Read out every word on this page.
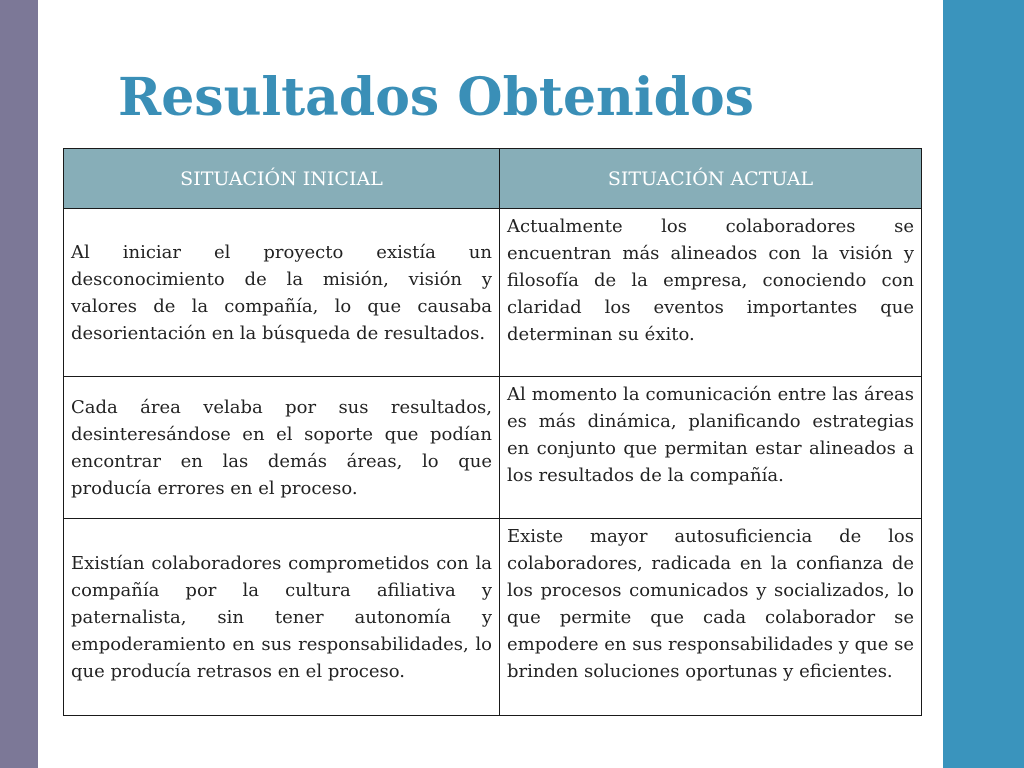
Resultados Obtenidos
SITUACIÓN INICIAL	SITUACIÓN ACTUAL
Al iniciar el proyecto existía un desconocimiento de la misión, visión y valores de la compañía, lo que causaba desorientación en la búsqueda de resultados.	Actualmente los colaboradores se encuentran más alineados con la visión y filosofía de la empresa, conociendo con claridad los eventos importantes que determinan su éxito.
Cada área velaba por sus resultados, desinteresándose en el soporte que podían encontrar en las demás áreas, lo que producía errores en el proceso.	Al momento la comunicación entre las áreas es más dinámica, planificando estrategias en conjunto que permitan estar alineados a los resultados de la compañía.
Existían colaboradores comprometidos con la compañía por la cultura afiliativa y paternalista, sin tener autonomía y empoderamiento en sus responsabilidades, lo que producía retrasos en el proceso.	Existe mayor autosuficiencia de los colaboradores, radicada en la confianza de los procesos comunicados y socializados, lo que permite que cada colaborador se empodere en sus responsabilidades y que se brinden soluciones oportunas y eficientes.
